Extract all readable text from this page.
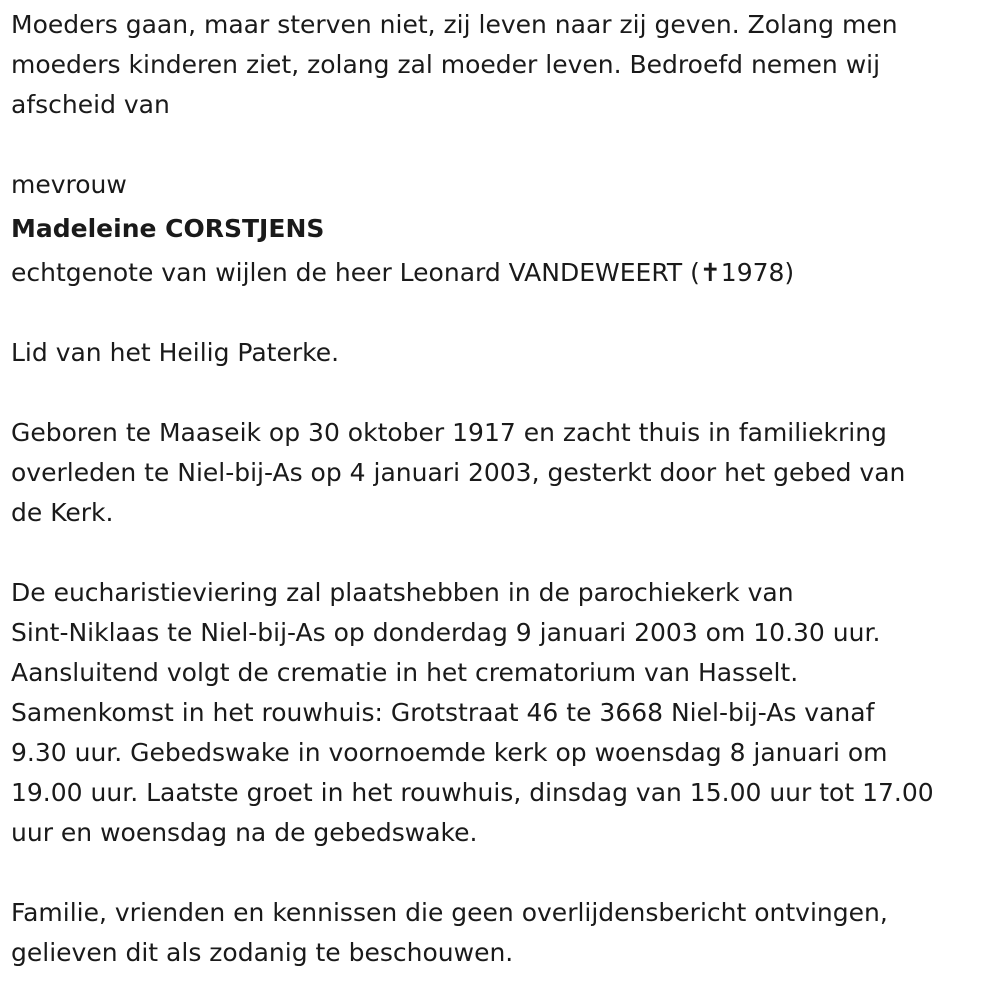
Moeders gaan, maar sterven niet, zij leven naar zij geven. Zolang men
moeders kinderen ziet, zolang zal moeder leven. Bedroefd nemen wij
afscheid van

mevrouw

Madeleine CORSTJENS

echtgenote van wijlen de heer Leonard VANDEWEERT (✝1978)

Lid van het Heilig Paterke.

Geboren te Maaseik op 30 oktober 1917 en zacht thuis in familiekring
overleden te Niel-bij-As op 4 januari 2003, gesterkt door het gebed van
de Kerk.

De eucharistieviering zal plaatshebben in de parochiekerk van
Sint-Niklaas te Niel-bij-As op donderdag 9 januari 2003 om 10.30 uur.
Aansluitend volgt de crematie in het crematorium van Hasselt.
Samenkomst in het rouwhuis: Grotstraat 46 te 3668 Niel-bij-As vanaf
9.30 uur. Gebedswake in voornoemde kerk op woensdag 8 januari om
19.00 uur. Laatste groet in het rouwhuis, dinsdag van 15.00 uur tot 17.00
uur en woensdag na de gebedswake.

Familie, vrienden en kennissen die geen overlijdensbericht ontvingen,
gelieven dit als zodanig te beschouwen.
